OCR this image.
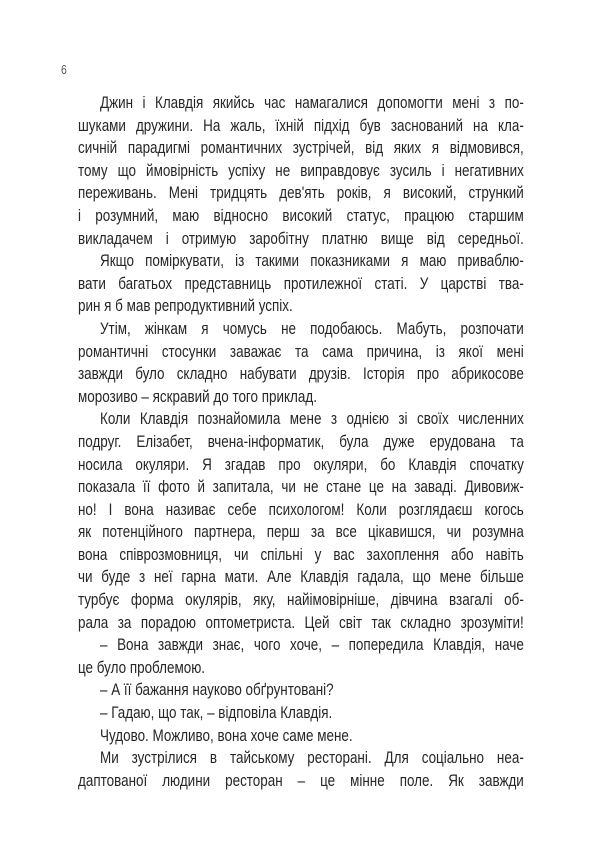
6
Джин і Клавдія якийсь час намагалися допомогти мені з по-
шуками дружини. На жаль, їхній підхід був заснований на кла-
сичній парадигмі романтичних зустрічей, від яких я відмовився,
тому що ймовірність успіху не виправдовує зусиль і негативних
переживань. Мені тридцять дев'ять років, я високий, стрункий
і розумний, маю відносно високий статус, працюю старшим
викладачем і отримую заробітну платню вище від середньої.
Якщо поміркувати, із такими показниками я маю приваблю-
вати багатьох представниць протилежної статі. У царстві тва-
рин я б мав репродуктивний успіх.
Утім, жінкам я чомусь не подобаюсь. Мабуть, розпочати
романтичні стосунки заважає та сама причина, із якої мені
завжди було складно набувати друзів. Історія про абрикосове
морозиво – яскравий до того приклад.
Коли Клавдія познайомила мене з однією зі своїх численних
подруг. Елізабет, вчена-інформатик, була дуже ерудована та
носила окуляри. Я згадав про окуляри, бо Клавдія спочатку
показала її фото й запитала, чи не стане це на заваді. Дивовиж-
но! І вона називає себе психологом! Коли розглядаєш когось
як потенційного партнера, перш за все цікавишся, чи розумна
вона співрозмовниця, чи спільні у вас захоплення або навіть
чи буде з неї гарна мати. Але Клавдія гадала, що мене більше
турбує форма окулярів, яку, найімовірніше, дівчина взагалі об-
рала за порадою оптометриста. Цей світ так складно зрозуміти!
– Вона завжди знає, чого хоче, – попередила Клавдія, наче
це було проблемою.
– А її бажання науково обґрунтовані?
– Гадаю, що так, – відповіла Клавдія.
Чудово. Можливо, вона хоче саме мене.
Ми зустрілися в тайському ресторані. Для соціально неа-
даптованої людини ресторан – це мінне поле. Як завжди
